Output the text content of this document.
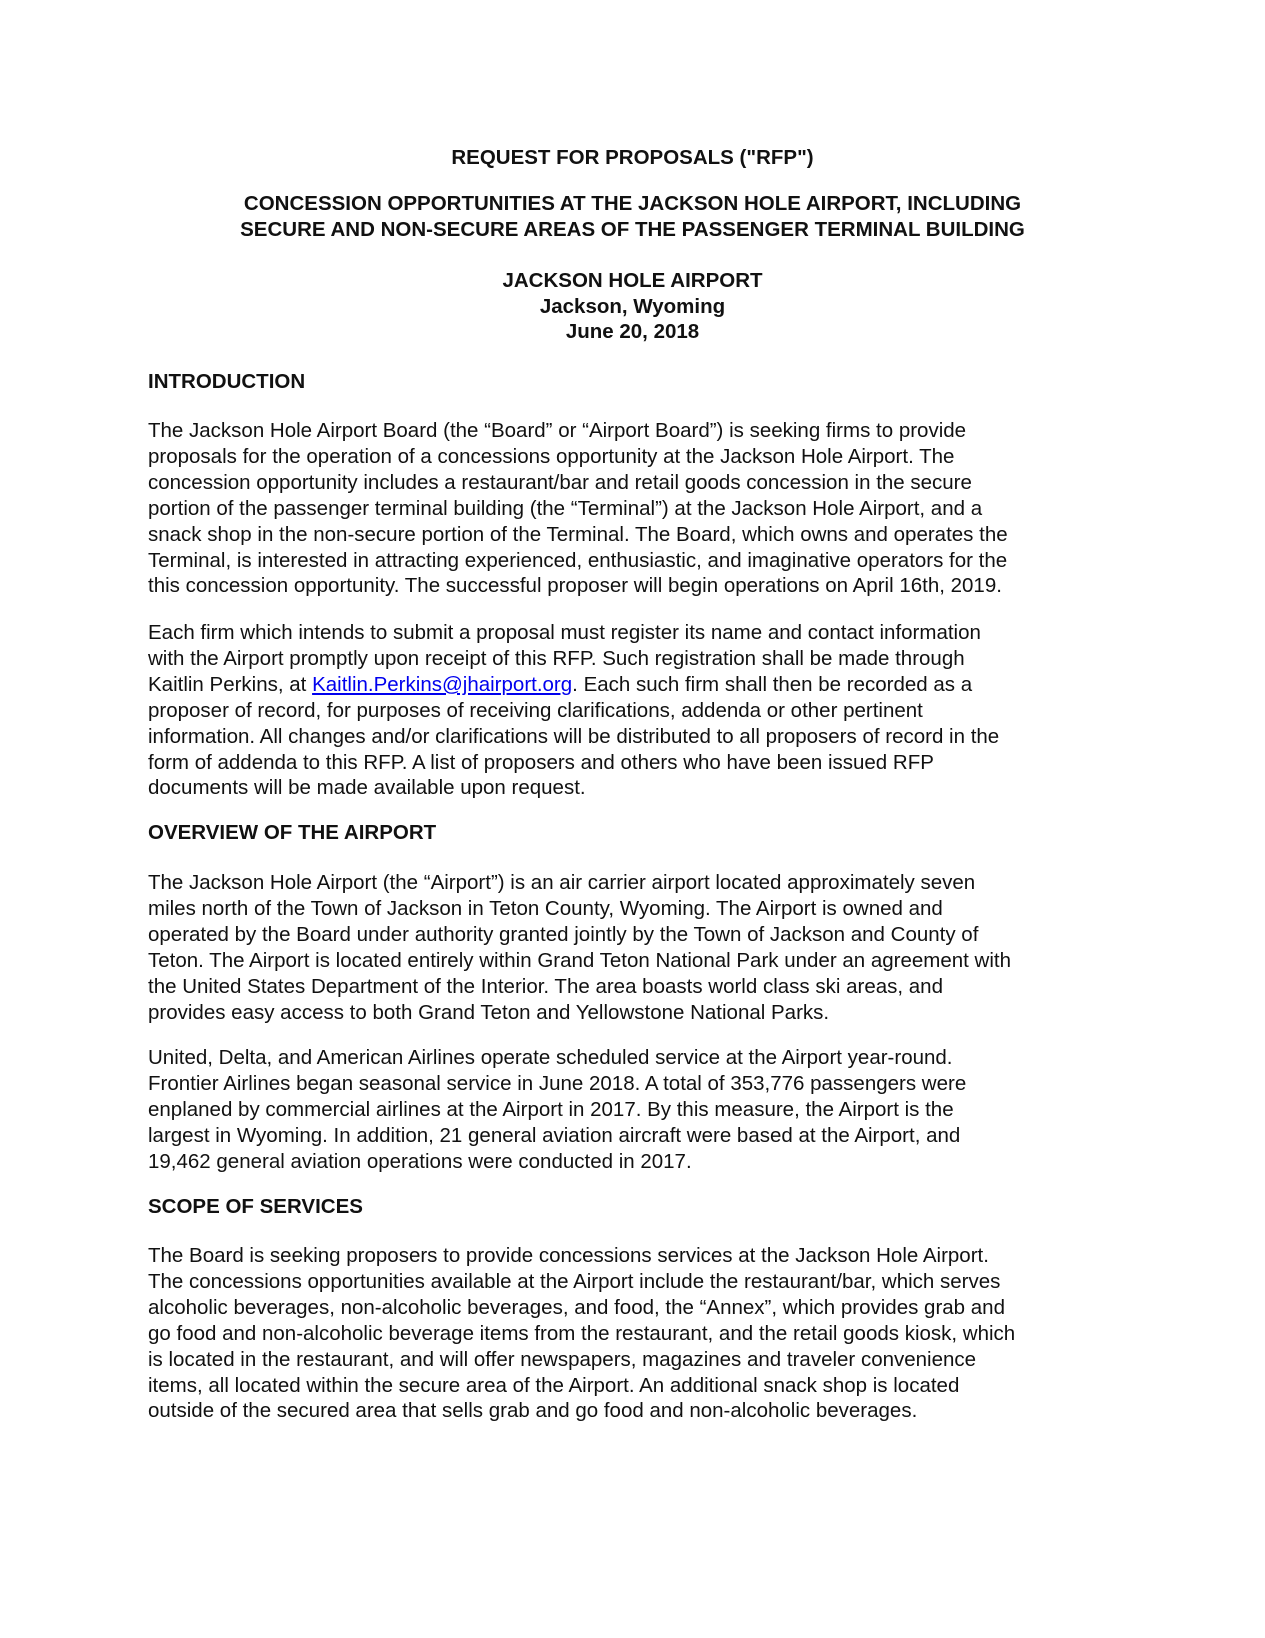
REQUEST FOR PROPOSALS ("RFP")
CONCESSION OPPORTUNITIES AT THE JACKSON HOLE AIRPORT, INCLUDING
SECURE AND NON-SECURE AREAS OF THE PASSENGER TERMINAL BUILDING
JACKSON HOLE AIRPORT
Jackson, Wyoming
June 20, 2018
INTRODUCTION
The Jackson Hole Airport Board (the “Board” or “Airport Board”) is seeking firms to provide
proposals for the operation of a concessions opportunity at the Jackson Hole Airport. The
concession opportunity includes a restaurant/bar and retail goods concession in the secure
portion of the passenger terminal building (the “Terminal”) at the Jackson Hole Airport, and a
snack shop in the non-secure portion of the Terminal. The Board, which owns and operates the
Terminal, is interested in attracting experienced, enthusiastic, and imaginative operators for the
this concession opportunity. The successful proposer will begin operations on April 16th, 2019.
Each firm which intends to submit a proposal must register its name and contact information
with the Airport promptly upon receipt of this RFP. Such registration shall be made through
Kaitlin Perkins, at Kaitlin.Perkins@jhairport.org. Each such firm shall then be recorded as a
proposer of record, for purposes of receiving clarifications, addenda or other pertinent
information. All changes and/or clarifications will be distributed to all proposers of record in the
form of addenda to this RFP. A list of proposers and others who have been issued RFP
documents will be made available upon request.
OVERVIEW OF THE AIRPORT
The Jackson Hole Airport (the “Airport”) is an air carrier airport located approximately seven
miles north of the Town of Jackson in Teton County, Wyoming. The Airport is owned and
operated by the Board under authority granted jointly by the Town of Jackson and County of
Teton. The Airport is located entirely within Grand Teton National Park under an agreement with
the United States Department of the Interior. The area boasts world class ski areas, and
provides easy access to both Grand Teton and Yellowstone National Parks.
United, Delta, and American Airlines operate scheduled service at the Airport year-round.
Frontier Airlines began seasonal service in June 2018. A total of 353,776 passengers were
enplaned by commercial airlines at the Airport in 2017. By this measure, the Airport is the
largest in Wyoming. In addition, 21 general aviation aircraft were based at the Airport, and
19,462 general aviation operations were conducted in 2017.
SCOPE OF SERVICES
The Board is seeking proposers to provide concessions services at the Jackson Hole Airport.
The concessions opportunities available at the Airport include the restaurant/bar, which serves
alcoholic beverages, non-alcoholic beverages, and food, the “Annex”, which provides grab and
go food and non-alcoholic beverage items from the restaurant, and the retail goods kiosk, which
is located in the restaurant, and will offer newspapers, magazines and traveler convenience
items, all located within the secure area of the Airport. An additional snack shop is located
outside of the secured area that sells grab and go food and non-alcoholic beverages.
